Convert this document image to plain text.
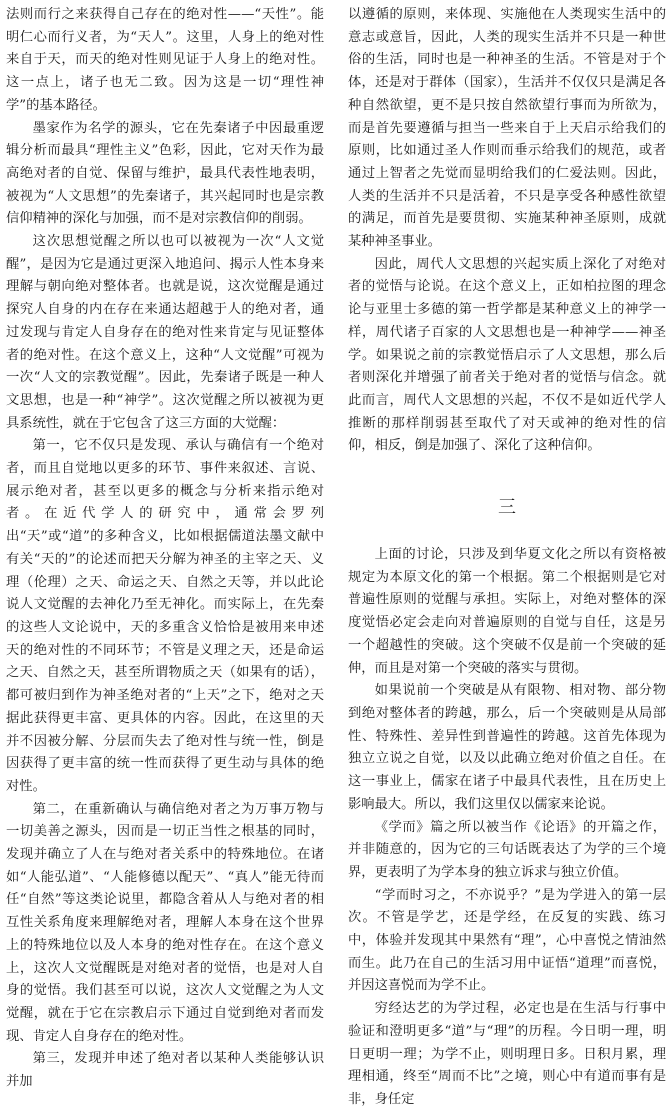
法则而行之来获得自己存在的绝对性——“天性”。能明仁心而行义者，为“天人”。这里，人身上的绝对性来自于天，而天的绝对性则见证于人身上的绝对性。这一点上，诸子也无二致。因为这是一切“理性神学”的基本路径。

墨家作为名学的源头，它在先秦诸子中因最重逻辑分析而最具“理性主义”色彩，因此，它对天作为最高绝对者的自觉、保留与维护，最具代表性地表明，被视为“人文思想”的先秦诸子，其兴起同时也是宗教信仰精神的深化与加强，而不是对宗教信仰的削弱。

这次思想觉醒之所以也可以被视为一次“人文觉醒”，是因为它是通过更深入地追问、揭示人性本身来理解与朝向绝对整体者。也就是说，这次觉醒是通过探究人自身的内在存在来通达超越于人的绝对者，通过发现与肯定人自身存在的绝对性来肯定与见证整体者的绝对性。在这个意义上，这种“人文觉醒”可视为一次“人文的宗教觉醒”。因此，先秦诸子既是一种人文思想，也是一种“神学”。这次觉醒之所以被视为更具系统性，就在于它包含了这三方面的大觉醒：

第一，它不仅只是发现、承认与确信有一个绝对者，而且自觉地以更多的环节、事件来叙述、言说、展示绝对者，甚至以更多的概念与分析来指示绝对者。在近代学人的研究中，通常会罗列出“天”或“道”的多种含义，比如根据儒道法墨文献中有关“天的”的论述而把天分解为神圣的主宰之天、义理（伦理）之天、命运之天、自然之天等，并以此论说人文觉醒的去神化乃至无神化。而实际上，在先秦的这些人文论说中，天的多重含义恰恰是被用来申述天的绝对性的不同环节；不管是义理之天，还是命运之天、自然之天，甚至所谓物质之天（如果有的话），都可被归到作为神圣绝对者的“上天”之下，绝对之天据此获得更丰富、更具体的内容。因此，在这里的天并不因被分解、分层而失去了绝对性与统一性，倒是因获得了更丰富的统一性而获得了更生动与具体的绝对性。

第二，在重新确认与确信绝对者之为万事万物与一切美善之源头，因而是一切正当性之根基的同时，发现并确立了人在与绝对者关系中的特殊地位。在诸如“人能弘道”、“人能修德以配天”、“真人”能无待而任“自然”等这类论说里，都隐含着从人与绝对者的相互性关系角度来理解绝对者，理解人本身在这个世界上的特殊地位以及人本身的绝对性存在。在这个意义上，这次人文觉醒既是对绝对者的觉悟，也是对人自身的觉悟。我们甚至可以说，这次人文觉醒之为人文觉醒，就在于它在宗教启示下通过自觉到绝对者而发现、肯定人自身存在的绝对性。

第三，发现并申述了绝对者以某种人类能够认识并加

以遵循的原则，来体现、实施他在人类现实生活中的意志或意旨，因此，人类的现实生活并不只是一种世俗的生活，同时也是一种神圣的生活。不管是对于个体，还是对于群体（国家），生活并不仅仅只是满足各种自然欲望，更不是只按自然欲望行事而为所欲为，而是首先要遵循与担当一些来自于上天启示给我们的原则，比如通过圣人作则而垂示给我们的规范，或者通过上智者之先觉而显明给我们的仁爱法则。因此，人类的生活并不只是活着，不只是享受各种感性欲望的满足，而首先是要贯彻、实施某种神圣原则，成就某种神圣事业。

因此，周代人文思想的兴起实质上深化了对绝对者的觉悟与论说。在这个意义上，正如柏拉图的理念论与亚里士多德的第一哲学都是某种意义上的神学一样，周代诸子百家的人文思想也是一种神学——神圣学。如果说之前的宗教觉悟启示了人文思想，那么后者则深化并增强了前者关于绝对者的觉悟与信念。就此而言，周代人文思想的兴起，不仅不是如近代学人推断的那样削弱甚至取代了对天或神的绝对性的信仰，相反，倒是加强了、深化了这种信仰。

三

上面的讨论，只涉及到华夏文化之所以有资格被规定为本原文化的第一个根据。第二个根据则是它对普遍性原则的觉醒与承担。实际上，对绝对整体的深度觉悟必定会走向对普遍原则的自觉与自任，这是另一个超越性的突破。这个突破不仅是前一个突破的延伸，而且是对第一个突破的落实与贯彻。

如果说前一个突破是从有限物、相对物、部分物到绝对整体者的跨越，那么，后一个突破则是从局部性、特殊性、差异性到普遍性的跨越。这首先体现为独立立说之自觉，以及以此确立绝对价值之自任。在这一事业上，儒家在诸子中最具代表性，且在历史上影响最大。所以，我们这里仅以儒家来论说。

《学而》篇之所以被当作《论语》的开篇之作，并非随意的，因为它的三句话既表达了为学的三个境界，更表明了为学本身的独立诉求与独立价值。

“学而时习之，不亦说乎？”是为学进入的第一层次。不管是学艺，还是学经，在反复的实践、练习中，体验并发现其中果然有“理”，心中喜悦之情油然而生。此乃在自己的生活习用中证悟“道理”而喜悦，并因这喜悦而为学不止。

穷经达艺的为学过程，必定也是在生活与行事中验证和澄明更多“道”与“理”的历程。今日明一理，明日更明一理；为学不止，则明理日多。日积月累，理理相通，终至“周而不比”之境，则心中有道而事有是非，身任定
